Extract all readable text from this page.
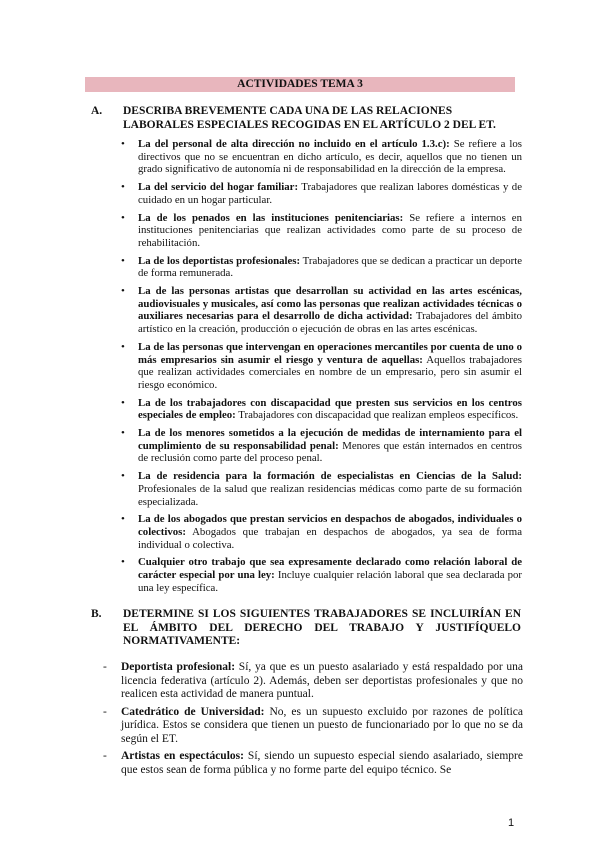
ACTIVIDADES TEMA 3
A. DESCRIBA BREVEMENTE CADA UNA DE LAS RELACIONES LABORALES ESPECIALES RECOGIDAS EN EL ARTÍCULO 2 DEL ET.
• La del personal de alta dirección no incluido en el artículo 1.3.c): Se refiere a los directivos que no se encuentran en dicho artículo, es decir, aquellos que no tienen un grado significativo de autonomía ni de responsabilidad en la dirección de la empresa.
• La del servicio del hogar familiar: Trabajadores que realizan labores domésticas y de cuidado en un hogar particular.
• La de los penados en las instituciones penitenciarias: Se refiere a internos en instituciones penitenciarias que realizan actividades como parte de su proceso de rehabilitación.
• La de los deportistas profesionales: Trabajadores que se dedican a practicar un deporte de forma remunerada.
• La de las personas artistas que desarrollan su actividad en las artes escénicas, audiovisuales y musicales, así como las personas que realizan actividades técnicas o auxiliares necesarias para el desarrollo de dicha actividad: Trabajadores del ámbito artístico en la creación, producción o ejecución de obras en las artes escénicas.
• La de las personas que intervengan en operaciones mercantiles por cuenta de uno o más empresarios sin asumir el riesgo y ventura de aquellas: Aquellos trabajadores que realizan actividades comerciales en nombre de un empresario, pero sin asumir el riesgo económico.
• La de los trabajadores con discapacidad que presten sus servicios en los centros especiales de empleo: Trabajadores con discapacidad que realizan empleos específicos.
• La de los menores sometidos a la ejecución de medidas de internamiento para el cumplimiento de su responsabilidad penal: Menores que están internados en centros de reclusión como parte del proceso penal.
• La de residencia para la formación de especialistas en Ciencias de la Salud: Profesionales de la salud que realizan residencias médicas como parte de su formación especializada.
• La de los abogados que prestan servicios en despachos de abogados, individuales o colectivos: Abogados que trabajan en despachos de abogados, ya sea de forma individual o colectiva.
• Cualquier otro trabajo que sea expresamente declarado como relación laboral de carácter especial por una ley: Incluye cualquier relación laboral que sea declarada por una ley específica.
B. DETERMINE SI LOS SIGUIENTES TRABAJADORES SE INCLUIRÍAN EN EL ÁMBITO DEL DERECHO DEL TRABAJO Y JUSTIFÍQUELO NORMATIVAMENTE:
- Deportista profesional: Sí, ya que es un puesto asalariado y está respaldado por una licencia federativa (artículo 2). Además, deben ser deportistas profesionales y que no realicen esta actividad de manera puntual.
- Catedrático de Universidad: No, es un supuesto excluido por razones de política jurídica. Estos se considera que tienen un puesto de funcionariado por lo que no se da según el ET.
- Artistas en espectáculos: Sí, siendo un supuesto especial siendo asalariado, siempre que estos sean de forma pública y no forme parte del equipo técnico. Se
1
